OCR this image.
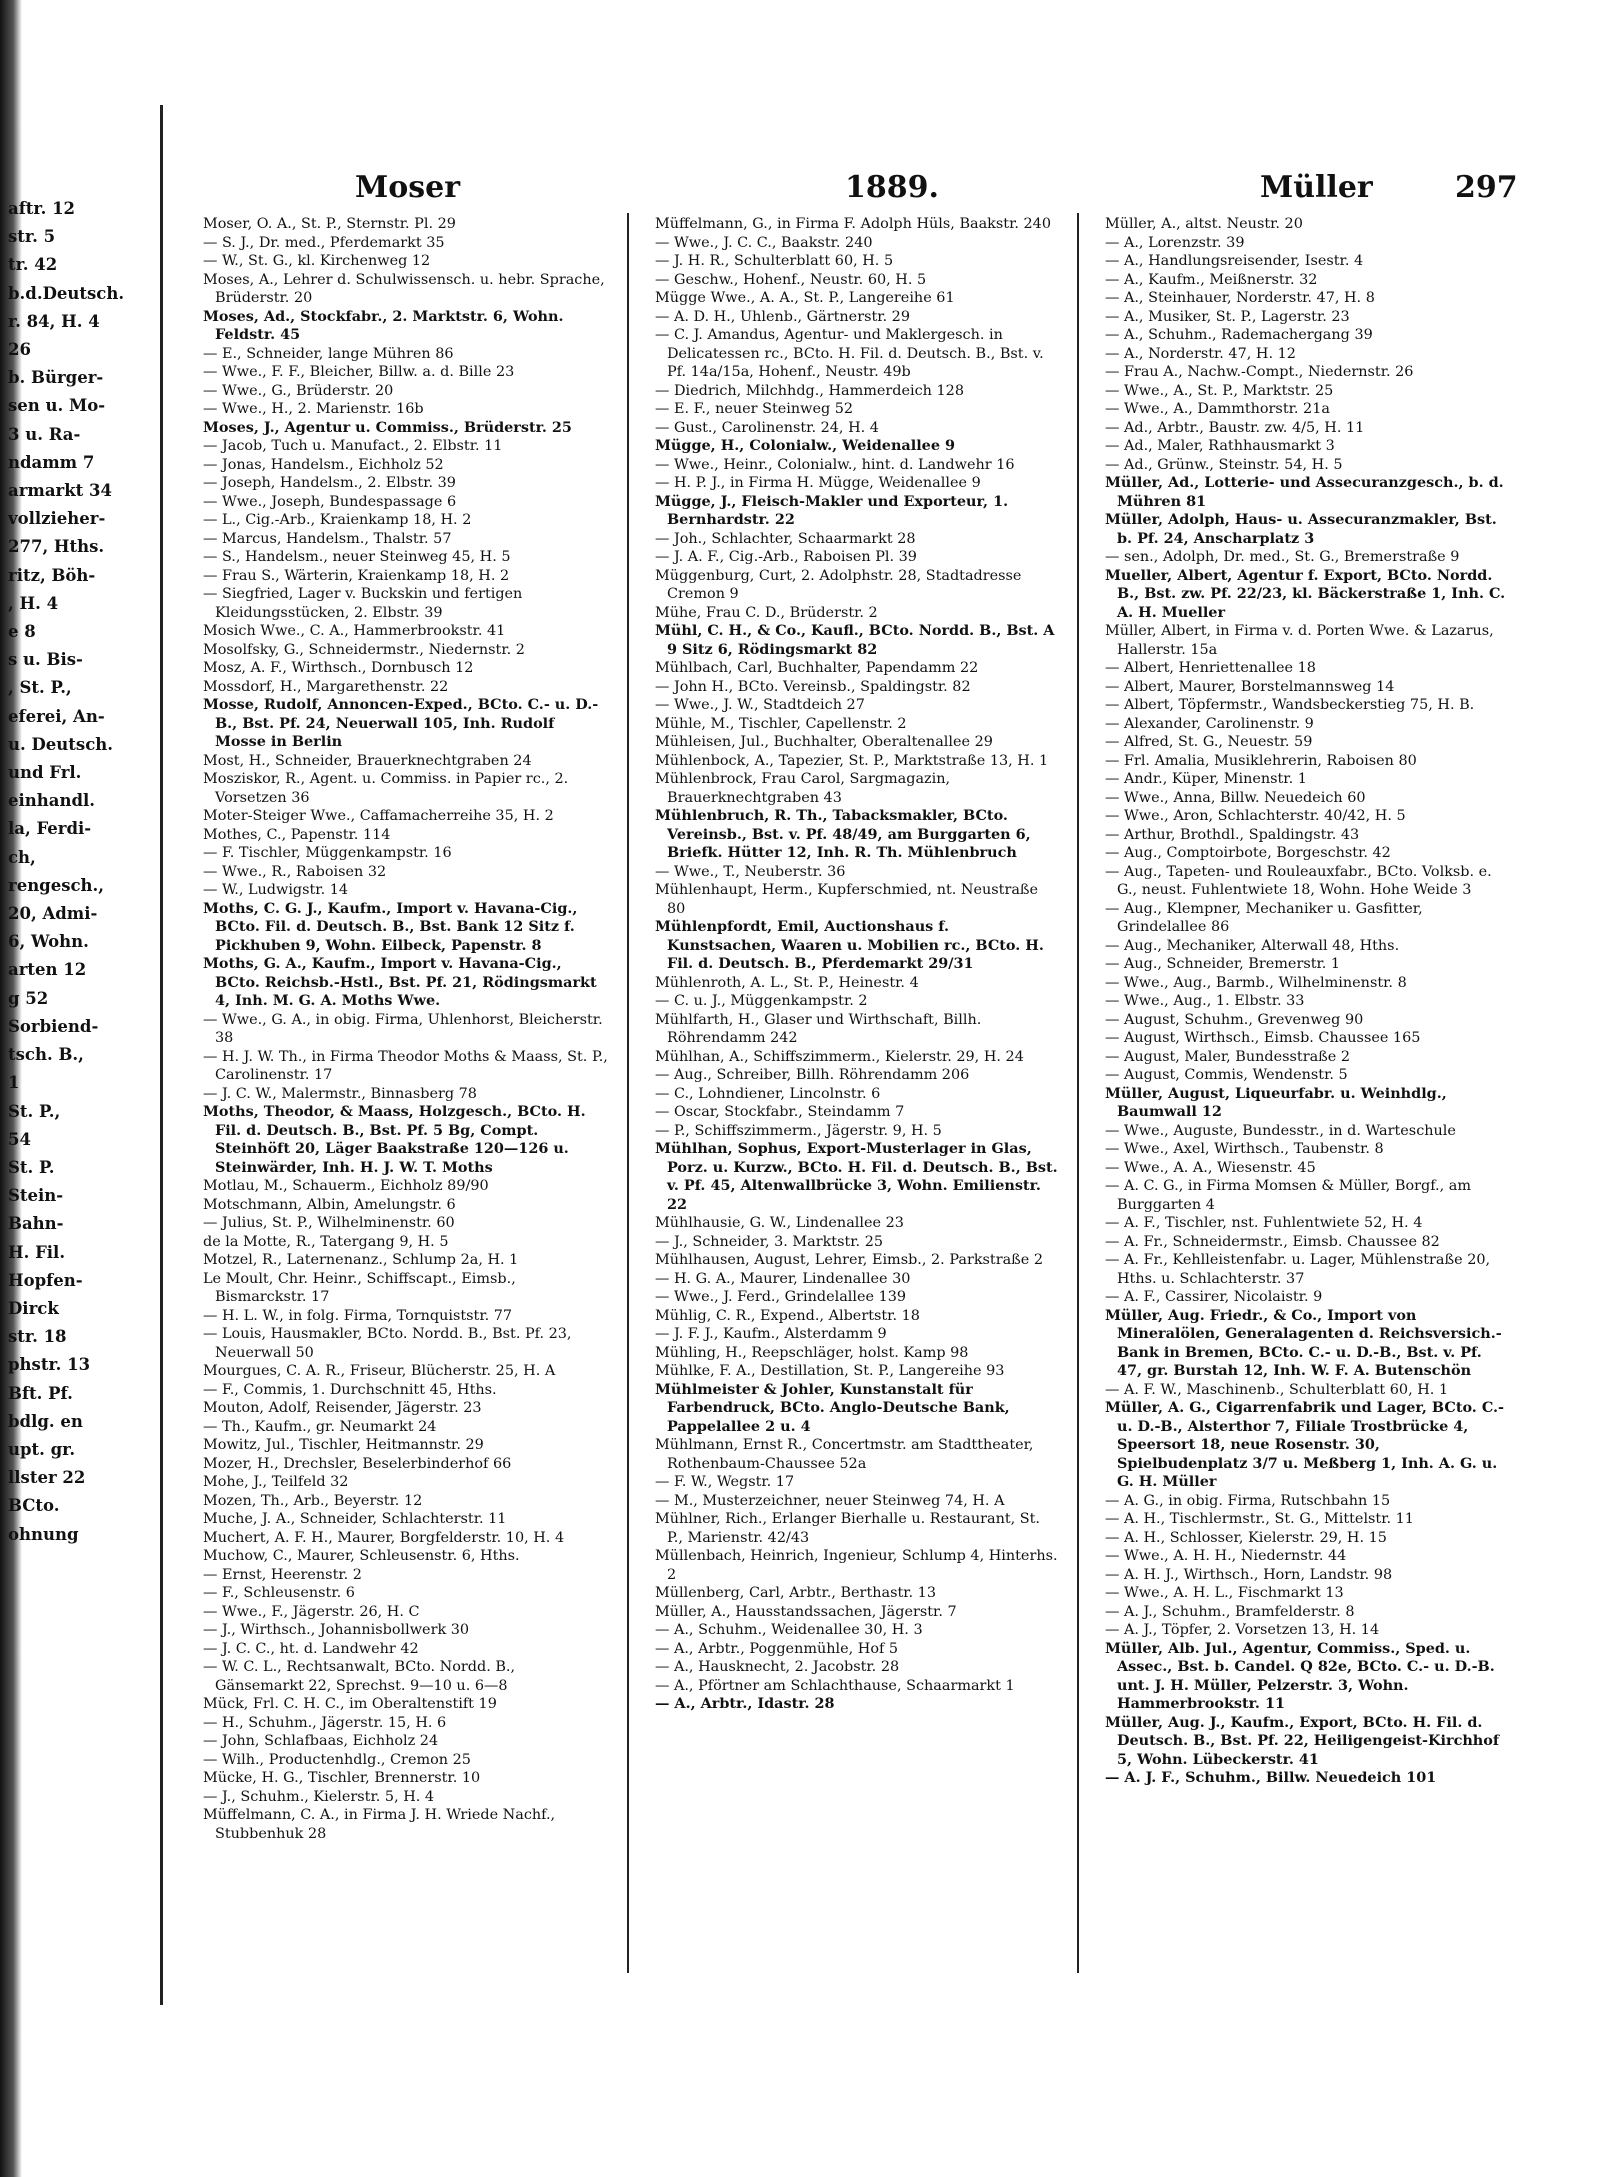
aftr. 12
str. 5
tr. 42
b.d.Deutsch.
r. 84, H. 4
26
b. Bürger-
sen u. Mo-
3 u. Ra-
ndamm 7
armarkt 34
vollzieher-
277, Hths.
ritz, Böh-
, H. 4
e 8
s u. Bis-
, St. P.,
eferei, An-
u. Deutsch.
und Frl.
einhandl.
la, Ferdi-
ch,
rengesch.,
20, Admi-
6, Wohn.
arten 12
g 52
Sorbiend-
tsch. B.,
1
St. P.,
54
St. P.
Stein-
Bahn-
H. Fil.
Hopfen-
Dirck
str. 18
phstr. 13
Bft. Pf.
bdlg. en
upt. gr.
llster 22
BCto.
ohnung
Moser	1889.	Müller	297
Moser, O. A., St. P., Sternstr. Pl. 29
— S. J., Dr. med., Pferdemarkt 35
— W., St. G., kl. Kirchenweg 12
Moses, A., Lehrer d. Schulwissensch. u. hebr. Sprache, Brüderstr. 20
Moses, Ad., Stockfabr., 2. Marktstr. 6, Wohn. Feldstr. 45
— E., Schneider, lange Mühren 86
— Wwe., F. F., Bleicher, Billw. a. d. Bille 23
— Wwe., G., Brüderstr. 20
— Wwe., H., 2. Marienstr. 16b
Moses, J., Agentur u. Commiss., Brüderstr. 25
— Jacob, Tuch u. Manufact., 2. Elbstr. 11
— Jonas, Handelsm., Eichholz 52
— Joseph, Handelsm., 2. Elbstr. 39
— Wwe., Joseph, Bundespassage 6
— L., Cig.-Arb., Kraienkamp 18, H. 2
— Marcus, Handelsm., Thalstr. 57
— S., Handelsm., neuer Steinweg 45, H. 5
— Frau S., Wärterin, Kraienkamp 18, H. 2
— Siegfried, Lager v. Buckskin und fertigen Kleidungsstücken, 2. Elbstr. 39
Mosich Wwe., C. A., Hammerbrookstr. 41
Mosolfsky, G., Schneidermstr., Niedernstr. 2
Mosz, A. F., Wirthsch., Dornbusch 12
Mossdorf, H., Margarethenstr. 22
Mosse, Rudolf, Annoncen-Exped., BCto. C.- u. D.-B., Bst. Pf. 24, Neuerwall 105, Inh. Rudolf Mosse in Berlin
Most, H., Schneider, Brauerknechtgraben 24
Mosziskor, R., Agent. u. Commiss. in Papier rc., 2. Vorsetzen 36
Moter-Steiger Wwe., Caffamacherreihe 35, H. 2
Mothes, C., Papenstr. 114
— F. Tischler, Müggenkampstr. 16
— Wwe., R., Raboisen 32
— W., Ludwigstr. 14
Moths, C. G. J., Kaufm., Import v. Havana-Cig., BCto. Fil. d. Deutsch. B., Bst. Bank 12 Sitz f. Pickhuben 9, Wohn. Eilbeck, Papenstr. 8
Moths, G. A., Kaufm., Import v. Havana-Cig., BCto. Reichsb.-Hstl., Bst. Pf. 21, Rödingsmarkt 4, Inh. M. G. A. Moths Wwe.
— Wwe., G. A., in obig. Firma, Uhlenhorst, Bleicherstr. 38
— H. J. W. Th., in Firma Theodor Moths & Maass, St. P., Carolinenstr. 17
— J. C. W., Malermstr., Binnasberg 78
Moths, Theodor, & Maass, Holzgesch., BCto. H. Fil. d. Deutsch. B., Bst. Pf. 5 Bg, Compt. Steinhöft 20, Läger Baakstraße 120—126 u. Steinwärder, Inh. H. J. W. T. Moths
Motlau, M., Schauerm., Eichholz 89/90
Motschmann, Albin, Amelungstr. 6
— Julius, St. P., Wilhelminenstr. 60
de la Motte, R., Tatergang 9, H. 5
Motzel, R., Laternenanz., Schlump 2a, H. 1
Le Moult, Chr. Heinr., Schiffscapt., Eimsb., Bismarckstr. 17
— H. L. W., in folg. Firma, Tornquiststr. 77
— Louis, Hausmakler, BCto. Nordd. B., Bst. Pf. 23, Neuerwall 50
Mourgues, C. A. R., Friseur, Blücherstr. 25, H. A
— F., Commis, 1. Durchschnitt 45, Hths.
Mouton, Adolf, Reisender, Jägerstr. 23
— Th., Kaufm., gr. Neumarkt 24
Mowitz, Jul., Tischler, Heitmannstr. 29
Mozer, H., Drechsler, Beselerbinderhof 66
Mohe, J., Teilfeld 32
Mozen, Th., Arb., Beyerstr. 12
Muche, J. A., Schneider, Schlachterstr. 11
Muchert, A. F. H., Maurer, Borgfelderstr. 10, H. 4
Muchow, C., Maurer, Schleusenstr. 6, Hths.
— Ernst, Heerenstr. 2
— F., Schleusenstr. 6
— Wwe., F., Jägerstr. 26, H. C
— J., Wirthsch., Johannisbollwerk 30
— J. C. C., ht. d. Landwehr 42
— W. C. L., Rechtsanwalt, BCto. Nordd. B., Gänsemarkt 22, Sprechst. 9—10 u. 6—8
Mück, Frl. C. H. C., im Oberaltenstift 19
— H., Schuhm., Jägerstr. 15, H. 6
— John, Schlafbaas, Eichholz 24
— Wilh., Productenhdlg., Cremon 25
Mücke, H. G., Tischler, Brennerstr. 10
— J., Schuhm., Kielerstr. 5, H. 4
Müffelmann, C. A., in Firma J. H. Wriede Nachf., Stubbenhuk 28
Müffelmann, G., in Firma F. Adolph Hüls, Baakstr. 240
— Wwe., J. C. C., Baakstr. 240
— J. H. R., Schulterblatt 60, H. 5
— Geschw., Hohenf., Neustr. 60, H. 5
Mügge Wwe., A. A., St. P., Langereihe 61
— A. D. H., Uhlenb., Gärtnerstr. 29
— C. J. Amandus, Agentur- und Maklergesch. in Delicatessen rc., BCto. H. Fil. d. Deutsch. B., Bst. v. Pf. 14a/15a, Hohenf., Neustr. 49b
— Diedrich, Milchhdg., Hammerdeich 128
— E. F., neuer Steinweg 52
— Gust., Carolinenstr. 24, H. 4
Mügge, H., Colonialw., Weidenallee 9
— Wwe., Heinr., Colonialw., hint. d. Landwehr 16
— H. P. J., in Firma H. Mügge, Weidenallee 9
Mügge, J., Fleisch-Makler und Exporteur, 1. Bernhardstr. 22
— Joh., Schlachter, Schaarmarkt 28
— J. A. F., Cig.-Arb., Raboisen Pl. 39
Müggenburg, Curt, 2. Adolphstr. 28, Stadtadresse Cremon 9
Mühe, Frau C. D., Brüderstr. 2
Mühl, C. H., & Co., Kaufl., BCto. Nordd. B., Bst. A 9 Sitz 6, Rödingsmarkt 82
Mühlbach, Carl, Buchhalter, Papendamm 22
— John H., BCto. Vereinsb., Spaldingstr. 82
— Wwe., J. W., Stadtdeich 27
Mühle, M., Tischler, Capellenstr. 2
Mühleisen, Jul., Buchhalter, Oberaltenallee 29
Mühlenbock, A., Tapezier, St. P., Marktstraße 13, H. 1
Mühlenbrock, Frau Carol, Sargmagazin, Brauerknechtgraben 43
Mühlenbruch, R. Th., Tabacksmakler, BCto. Vereinsb., Bst. v. Pf. 48/49, am Burggarten 6, Briefk. Hütter 12, Inh. R. Th. Mühlenbruch
— Wwe., T., Neuberstr. 36
Mühlenhaupt, Herm., Kupferschmied, nt. Neustraße 80
Mühlenpfordt, Emil, Auctionshaus f. Kunstsachen, Waaren u. Mobilien rc., BCto. H. Fil. d. Deutsch. B., Pferdemarkt 29/31
Mühlenroth, A. L., St. P., Heinestr. 4
— C. u. J., Müggenkampstr. 2
Mühlfarth, H., Glaser und Wirthschaft, Billh. Röhrendamm 242
Mühlhan, A., Schiffszimmerm., Kielerstr. 29, H. 24
— Aug., Schreiber, Billh. Röhrendamm 206
— C., Lohndiener, Lincolnstr. 6
— Oscar, Stockfabr., Steindamm 7
— P., Schiffszimmerm., Jägerstr. 9, H. 5
Mühlhan, Sophus, Export-Musterlager in Glas, Porz. u. Kurzw., BCto. H. Fil. d. Deutsch. B., Bst. v. Pf. 45, Altenwallbrücke 3, Wohn. Emilienstr. 22
Mühlhausie, G. W., Lindenallee 23
— J., Schneider, 3. Marktstr. 25
Mühlhausen, August, Lehrer, Eimsb., 2. Parkstraße 2
— H. G. A., Maurer, Lindenallee 30
— Wwe., J. Ferd., Grindelallee 139
Mühlig, C. R., Expend., Albertstr. 18
— J. F. J., Kaufm., Alsterdamm 9
Mühling, H., Reepschläger, holst. Kamp 98
Mühlke, F. A., Destillation, St. P., Langereihe 93
Mühlmeister & Johler, Kunstanstalt für Farbendruck, BCto. Anglo-Deutsche Bank, Pappelallee 2 u. 4
Mühlmann, Ernst R., Concertmstr. am Stadttheater, Rothenbaum-Chaussee 52a
— F. W., Wegstr. 17
— M., Musterzeichner, neuer Steinweg 74, H. A
Mühlner, Rich., Erlanger Bierhalle u. Restaurant, St. P., Marienstr. 42/43
Müllenbach, Heinrich, Ingenieur, Schlump 4, Hinterhs. 2
Müllenberg, Carl, Arbtr., Berthastr. 13
Müller, A., Hausstandssachen, Jägerstr. 7
— A., Schuhm., Weidenallee 30, H. 3
— A., Arbtr., Poggenmühle, Hof 5
— A., Hausknecht, 2. Jacobstr. 28
— A., Pförtner am Schlachthause, Schaarmarkt 1
— A., Arbtr., Idastr. 28
Müller, A., altst. Neustr. 20
— A., Lorenzstr. 39
— A., Handlungsreisender, Isestr. 4
— A., Kaufm., Meißnerstr. 32
— A., Steinhauer, Norderstr. 47, H. 8
— A., Musiker, St. P., Lagerstr. 23
— A., Schuhm., Rademachergang 39
— A., Norderstr. 47, H. 12
— Frau A., Nachw.-Compt., Niedernstr. 26
— Wwe., A., St. P., Marktstr. 25
— Wwe., A., Dammthorstr. 21a
— Ad., Arbtr., Baustr. zw. 4/5, H. 11
— Ad., Maler, Rathhausmarkt 3
— Ad., Grünw., Steinstr. 54, H. 5
Müller, Ad., Lotterie- und Assecuranzgesch., b. d. Mühren 81
Müller, Adolph, Haus- u. Assecuranzmakler, Bst. b. Pf. 24, Anscharplatz 3
— sen., Adolph, Dr. med., St. G., Bremerstraße 9
Mueller, Albert, Agentur f. Export, BCto. Nordd. B., Bst. zw. Pf. 22/23, kl. Bäckerstraße 1, Inh. C. A. H. Mueller
Müller, Albert, in Firma v. d. Porten Wwe. & Lazarus, Hallerstr. 15a
— Albert, Henriettenallee 18
— Albert, Maurer, Borstelmannsweg 14
— Albert, Töpfermstr., Wandsbeckerstieg 75, H. B.
— Alexander, Carolinenstr. 9
— Alfred, St. G., Neuestr. 59
— Frl. Amalia, Musiklehrerin, Raboisen 80
— Andr., Küper, Minenstr. 1
— Wwe., Anna, Billw. Neuedeich 60
— Wwe., Aron, Schlachterstr. 40/42, H. 5
— Arthur, Brothdl., Spaldingstr. 43
— Aug., Comptoirbote, Borgeschstr. 42
— Aug., Tapeten- und Rouleauxfabr., BCto. Volksb. e. G., neust. Fuhlentwiete 18, Wohn. Hohe Weide 3
— Aug., Klempner, Mechaniker u. Gasfitter, Grindelallee 86
— Aug., Mechaniker, Alterwall 48, Hths.
— Aug., Schneider, Bremerstr. 1
— Wwe., Aug., Barmb., Wilhelminenstr. 8
— Wwe., Aug., 1. Elbstr. 33
— August, Schuhm., Grevenweg 90
— August, Wirthsch., Eimsb. Chaussee 165
— August, Maler, Bundesstraße 2
— August, Commis, Wendenstr. 5
Müller, August, Liqueurfabr. u. Weinhdlg., Baumwall 12
— Wwe., Auguste, Bundesstr., in d. Warteschule
— Wwe., Axel, Wirthsch., Taubenstr. 8
— Wwe., A. A., Wiesenstr. 45
— A. C. G., in Firma Momsen & Müller, Borgf., am Burggarten 4
— A. F., Tischler, nst. Fuhlentwiete 52, H. 4
— A. Fr., Schneidermstr., Eimsb. Chaussee 82
— A. Fr., Kehlleistenfabr. u. Lager, Mühlenstraße 20, Hths. u. Schlachterstr. 37
— A. F., Cassirer, Nicolaistr. 9
Müller, Aug. Friedr., & Co., Import von Mineralölen, Generalagenten d. Reichsversich.-Bank in Bremen, BCto. C.- u. D.-B., Bst. v. Pf. 47, gr. Burstah 12, Inh. W. F. A. Butenschön
— A. F. W., Maschinenb., Schulterblatt 60, H. 1
Müller, A. G., Cigarrenfabrik und Lager, BCto. C.- u. D.-B., Alsterthor 7, Filiale Trostbrücke 4, Speersort 18, neue Rosenstr. 30, Spielbudenplatz 3/7 u. Meßberg 1, Inh. A. G. u. G. H. Müller
— A. G., in obig. Firma, Rutschbahn 15
— A. H., Tischlermstr., St. G., Mittelstr. 11
— A. H., Schlosser, Kielerstr. 29, H. 15
— Wwe., A. H. H., Niedernstr. 44
— A. H. J., Wirthsch., Horn, Landstr. 98
— Wwe., A. H. L., Fischmarkt 13
— A. J., Schuhm., Bramfelderstr. 8
— A. J., Töpfer, 2. Vorsetzen 13, H. 14
Müller, Alb. Jul., Agentur, Commiss., Sped. u. Assec., Bst. b. Candel. Q 82e, BCto. C.- u. D.-B. unt. J. H. Müller, Pelzerstr. 3, Wohn. Hammerbrookstr. 11
Müller, Aug. J., Kaufm., Export, BCto. H. Fil. d. Deutsch. B., Bst. Pf. 22, Heiligengeist-Kirchhof 5, Wohn. Lübeckerstr. 41
— A. J. F., Schuhm., Billw. Neuedeich 101
